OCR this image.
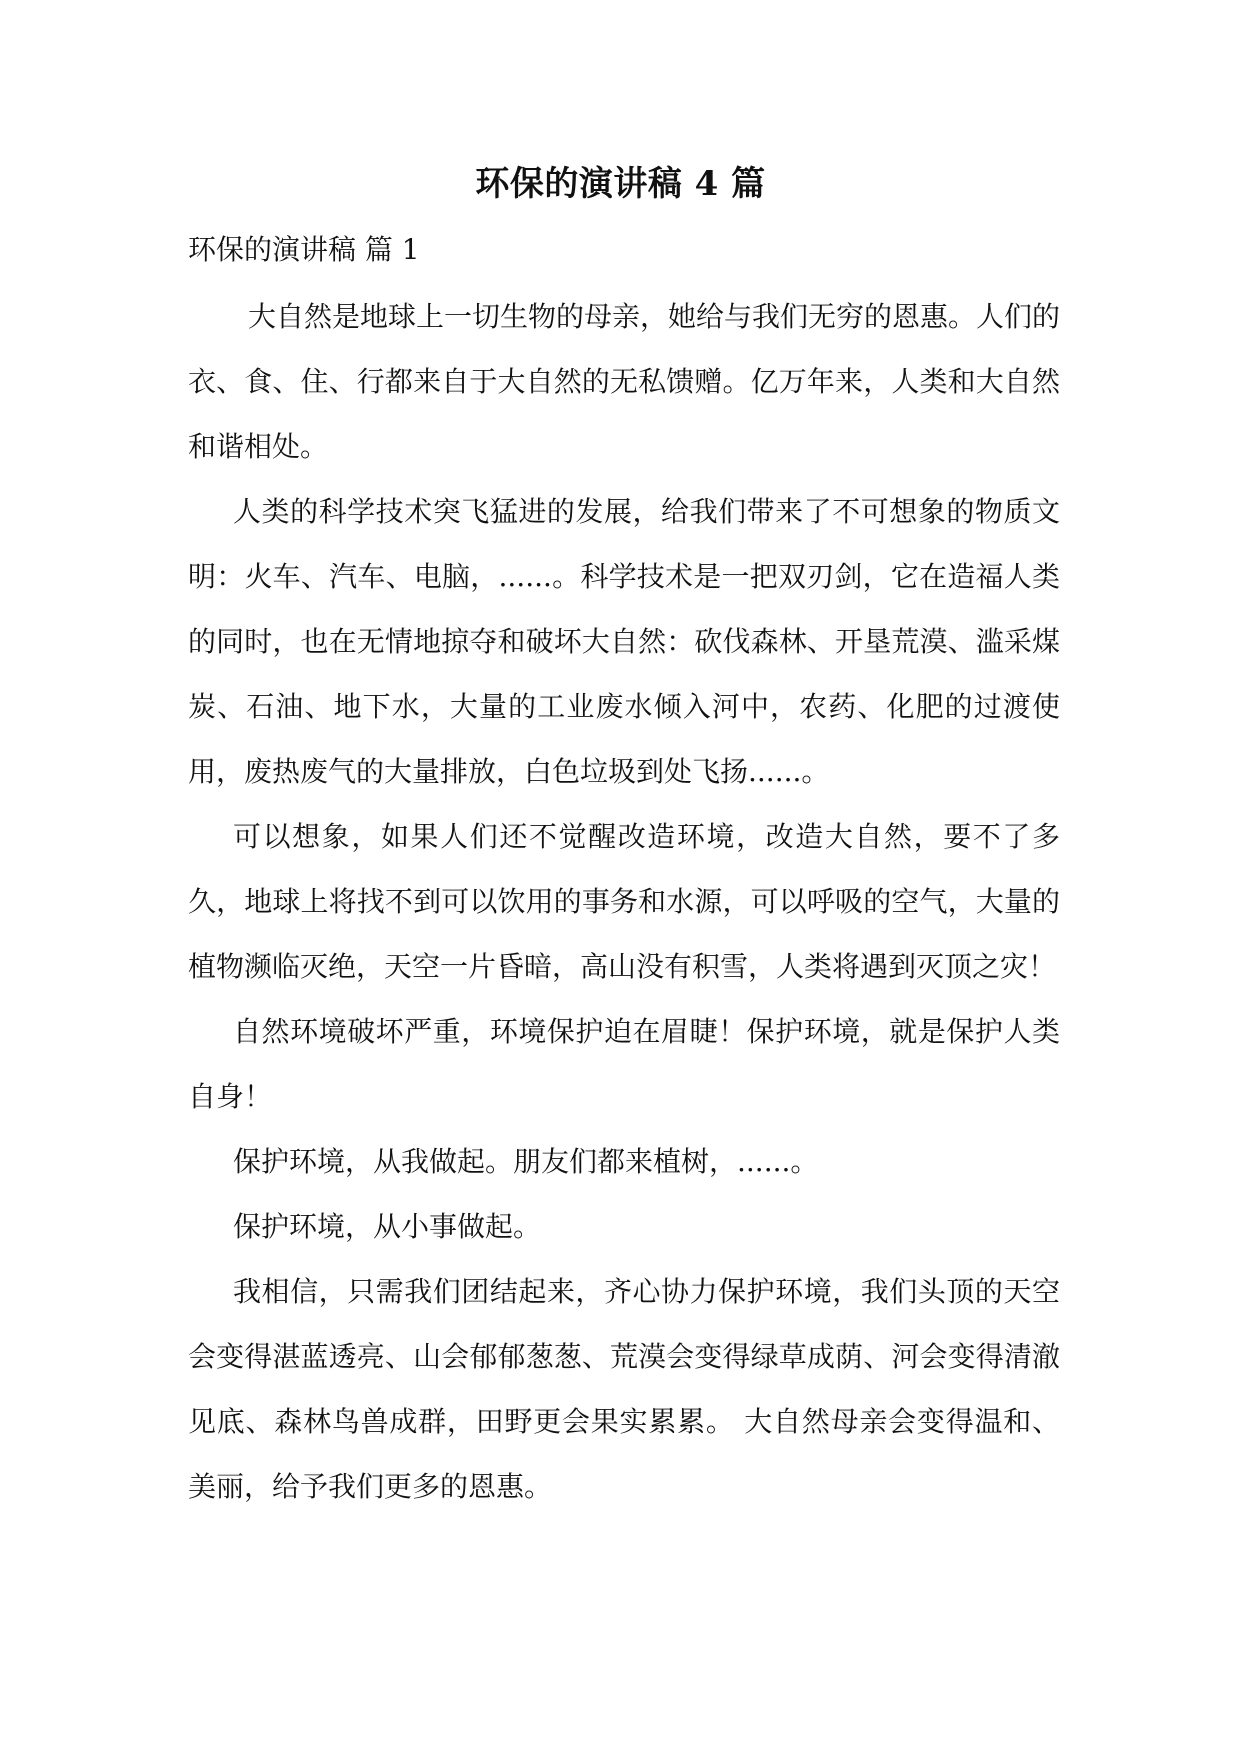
环保的演讲稿 4 篇
环保的演讲稿 篇 1

大自然是地球上一切生物的母亲，她给与我们无穷的恩惠。人们的衣、食、住、行都来自于大自然的无私馈赠。亿万年来，人类和大自然和谐相处。

人类的科学技术突飞猛进的发展，给我们带来了不可想象的物质文明：火车、汽车、电脑，......。科学技术是一把双刃剑，它在造福人类的同时，也在无情地掠夺和破坏大自然：砍伐森林、开垦荒漠、滥采煤炭、石油、地下水，大量的工业废水倾入河中，农药、化肥的过渡使用，废热废气的大量排放，白色垃圾到处飞扬......。

可以想象，如果人们还不觉醒改造环境，改造大自然，要不了多久，地球上将找不到可以饮用的事务和水源，可以呼吸的空气，大量的植物濒临灭绝，天空一片昏暗，高山没有积雪，人类将遇到灭顶之灾！

自然环境破坏严重，环境保护迫在眉睫！保护环境，就是保护人类自身！

保护环境，从我做起。朋友们都来植树，......。

保护环境，从小事做起。

我相信，只需我们团结起来，齐心协力保护环境，我们头顶的天空会变得湛蓝透亮、山会郁郁葱葱、荒漠会变得绿草成荫、河会变得清澈见底、森林鸟兽成群，田野更会果实累累。 大自然母亲会变得温和、美丽，给予我们更多的恩惠。
